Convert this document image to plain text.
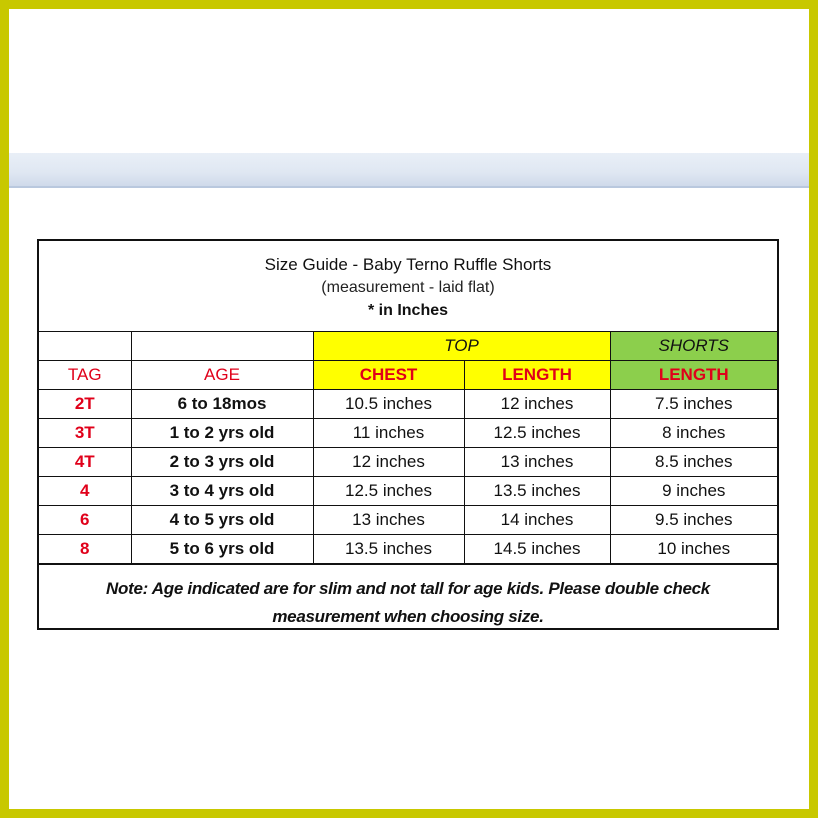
Size Guide - Baby Terno Ruffle Shorts
(measurement - laid flat)
* in Inches
		TOP		SHORTS
TAG	AGE	CHEST	LENGTH	LENGTH
2T	6 to 18mos	10.5 inches	12 inches	7.5 inches
3T	1 to 2 yrs old	11 inches	12.5 inches	8 inches
4T	2 to 3 yrs old	12 inches	13 inches	8.5 inches
4	3 to 4 yrs old	12.5 inches	13.5 inches	9 inches
6	4 to 5 yrs old	13 inches	14 inches	9.5 inches
8	5 to 6 yrs old	13.5 inches	14.5 inches	10 inches
Note: Age indicated are for slim and not tall for age kids. Please double check
measurement when choosing size.
